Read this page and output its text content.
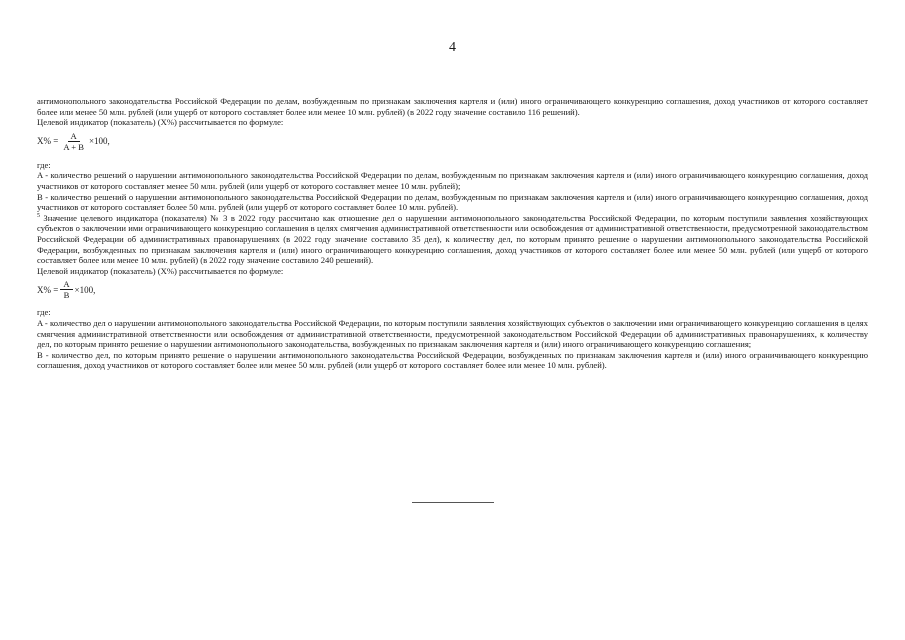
4

антимонопольного законодательства Российской Федерации по делам, возбужденным по признакам заключения картеля и (или) иного ограничивающего конкуренцию соглашения, доход участников от которого составляет более или менее 50 млн. рублей (или ущерб от которого составляет более или менее 10 млн. рублей) (в 2022 году значение составило 116 решений).

Целевой индикатор (показатель) (X%) рассчитывается по формуле:

$X\% = \frac{A}{A + B} \times 100$,

где:

A - количество решений о нарушении антимонопольного законодательства Российской Федерации по делам, возбужденным по признакам заключения картеля и (или) иного ограничивающего конкуренцию соглашения, доход участников от которого составляет менее 50 млн. рублей (или ущерб от которого составляет менее 10 млн. рублей);

B - количество решений о нарушении антимонопольного законодательства Российской Федерации по делам, возбужденным по признакам заключения картеля и (или) иного ограничивающего конкуренцию соглашения, доход участников от которого составляет более 50 млн. рублей (или ущерб от которого составляет более 10 млн. рублей).

$^5$ Значение целевого индикатора (показателя) № 3 в 2022 году рассчитано как отношение дел о нарушении антимонопольного законодательства Российской Федерации, по которым поступили заявления хозяйствующих субъектов о заключении ими ограничивающего конкуренцию соглашения в целях смягчения административной ответственности или освобождения от административной ответственности, предусмотренной законодательством Российской Федерации об административных правонарушениях (в 2022 году значение составило 35 дел), к количеству дел, по которым принято решение о нарушении антимонопольного законодательства Российской Федерации, возбужденных по признакам заключения картеля и (или) иного ограничивающего конкуренцию соглашения, доход участников от которого составляет более или менее 50 млн. рублей (или ущерб от которого составляет более или менее 10 млн. рублей) (в 2022 году значение составило 240 решений).

Целевой индикатор (показатель) (X%) рассчитывается по формуле:

$X\% = \frac{A}{B} \times 100$,

где:

A - количество дел о нарушении антимонопольного законодательства Российской Федерации, по которым поступили заявления хозяйствующих субъектов о заключении ими ограничивающего конкуренцию соглашения в целях смягчения административной ответственности или освобождения от административной ответственности, предусмотренной законодательством Российской Федерации об административных правонарушениях, к количеству дел, по которым принято решение о нарушении антимонопольного законодательства, возбужденных по признакам заключения картеля и (или) иного ограничивающего конкуренцию соглашения;

B - количество дел, по которым принято решение о нарушении антимонопольного законодательства Российской Федерации, возбужденных по признакам заключения картеля и (или) иного ограничивающего конкуренцию соглашения, доход участников от которого составляет более или менее 50 млн. рублей (или ущерб от которого составляет более или менее 10 млн. рублей).
